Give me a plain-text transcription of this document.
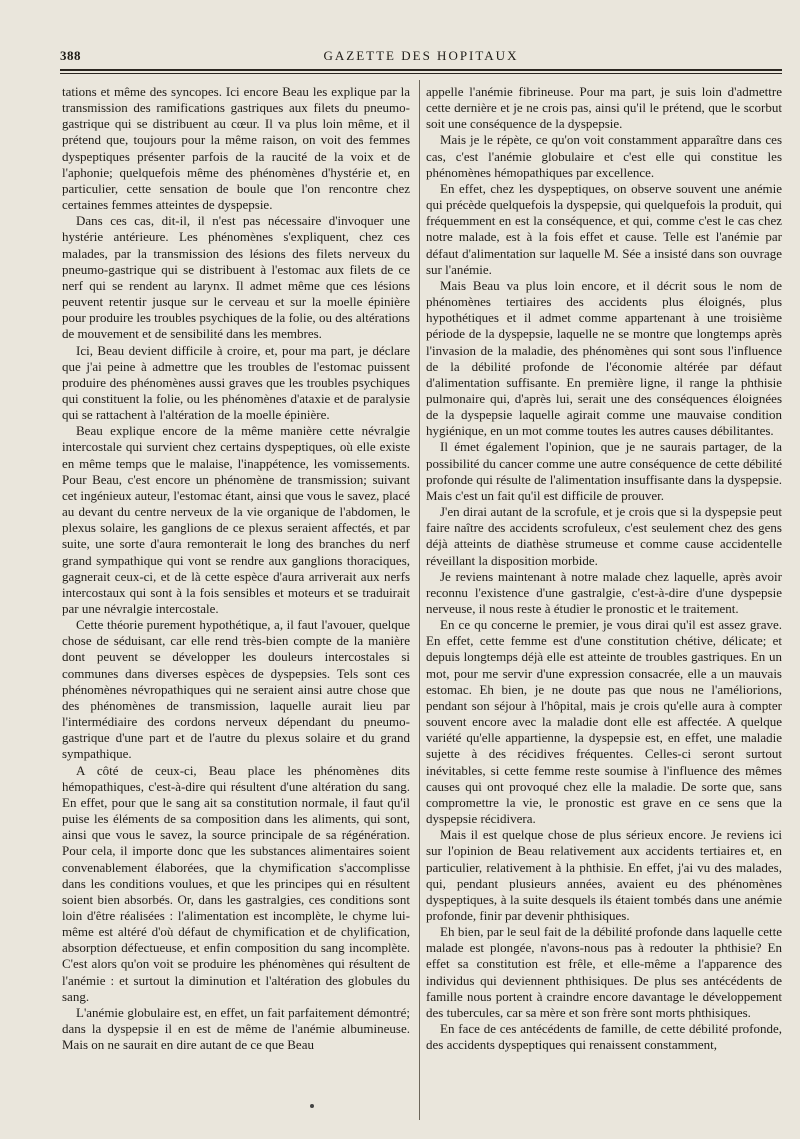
388	GAZETTE DES HOPITAUX

tations et même des syncopes. Ici encore Beau les explique par la transmission des ramifications gastriques aux filets du pneumo-gastrique qui se distribuent au cœur. Il va plus loin même, et il prétend que, toujours pour la même raison, on voit des femmes dyspeptiques présenter parfois de la raucité de la voix et de l'aphonie; quelquefois même des phénomènes d'hystérie et, en particulier, cette sensation de boule que l'on rencontre chez certaines femmes atteintes de dyspepsie.

Dans ces cas, dit-il, il n'est pas nécessaire d'invoquer une hystérie antérieure. Les phénomènes s'expliquent, chez ces malades, par la transmission des lésions des filets nerveux du pneumo-gastrique qui se distribuent à l'estomac aux filets de ce nerf qui se rendent au larynx. Il admet même que ces lésions peuvent retentir jusque sur le cerveau et sur la moelle épinière pour produire les troubles psychiques de la folie, ou des altérations de mouvement et de sensibilité dans les membres.

Ici, Beau devient difficile à croire, et, pour ma part, je déclare que j'ai peine à admettre que les troubles de l'estomac puissent produire des phénomènes aussi graves que les troubles psychiques qui constituent la folie, ou les phénomènes d'ataxie et de paralysie qui se rattachent à l'altération de la moelle épinière.

Beau explique encore de la même manière cette névralgie intercostale qui survient chez certains dyspeptiques, où elle existe en même temps que le malaise, l'inappétence, les vomissements. Pour Beau, c'est encore un phénomène de transmission; suivant cet ingénieux auteur, l'estomac étant, ainsi que vous le savez, placé au devant du centre nerveux de la vie organique de l'abdomen, le plexus solaire, les ganglions de ce plexus seraient affectés, et par suite, une sorte d'aura remonterait le long des branches du nerf grand sympathique qui vont se rendre aux ganglions thoraciques, gagnerait ceux-ci, et de là cette espèce d'aura arriverait aux nerfs intercostaux qui sont à la fois sensibles et moteurs et se traduirait par une névralgie intercostale.

Cette théorie purement hypothétique, a, il faut l'avouer, quelque chose de séduisant, car elle rend très-bien compte de la manière dont peuvent se développer les douleurs intercostales si communes dans diverses espèces de dyspepsies. Tels sont ces phénomènes névropathiques qui ne seraient ainsi autre chose que des phénomènes de transmission, laquelle aurait lieu par l'intermédiaire des cordons nerveux dépendant du pneumo-gastrique d'une part et de l'autre du plexus solaire et du grand sympathique.

A côté de ceux-ci, Beau place les phénomènes dits hémopathiques, c'est-à-dire qui résultent d'une altération du sang. En effet, pour que le sang ait sa constitution normale, il faut qu'il puise les éléments de sa composition dans les aliments, qui sont, ainsi que vous le savez, la source principale de sa régénération. Pour cela, il importe donc que les substances alimentaires soient convenablement élaborées, que la chymification s'accomplisse dans les conditions voulues, et que les principes qui en résultent soient bien absorbés. Or, dans les gastralgies, ces conditions sont loin d'être réalisées : l'alimentation est incomplète, le chyme lui-même est altéré d'où défaut de chymification et de chylification, absorption défectueuse, et enfin composition du sang incomplète. C'est alors qu'on voit se produire les phénomènes qui résultent de l'anémie : et surtout la diminution et l'altération des globules du sang.

L'anémie globulaire est, en effet, un fait parfaitement démontré; dans la dyspepsie il en est de même de l'anémie albumineuse. Mais on ne saurait en dire autant de ce que Beau

appelle l'anémie fibrineuse. Pour ma part, je suis loin d'admettre cette dernière et je ne crois pas, ainsi qu'il le prétend, que le scorbut soit une conséquence de la dyspepsie.

Mais je le répète, ce qu'on voit constamment apparaître dans ces cas, c'est l'anémie globulaire et c'est elle qui constitue les phénomènes hémopathiques par excellence.

En effet, chez les dyspeptiques, on observe souvent une anémie qui précède quelquefois la dyspepsie, qui quelquefois la produit, qui fréquemment en est la conséquence, et qui, comme c'est le cas chez notre malade, est à la fois effet et cause. Telle est l'anémie par défaut d'alimentation sur laquelle M. Sée a insisté dans son ouvrage sur l'anémie.

Mais Beau va plus loin encore, et il décrit sous le nom de phénomènes tertiaires des accidents plus éloignés, plus hypothétiques et il admet comme appartenant à une troisième période de la dyspepsie, laquelle ne se montre que longtemps après l'invasion de la maladie, des phénomènes qui sont sous l'influence de la débilité profonde de l'économie altérée par défaut d'alimentation suffisante. En première ligne, il range la phthisie pulmonaire qui, d'après lui, serait une des conséquences éloignées de la dyspepsie laquelle agirait comme une mauvaise condition hygiénique, en un mot comme toutes les autres causes débilitantes.

Il émet également l'opinion, que je ne saurais partager, de la possibilité du cancer comme une autre conséquence de cette débilité profonde qui résulte de l'alimentation insuffisante dans la dyspepsie. Mais c'est un fait qu'il est difficile de prouver.

J'en dirai autant de la scrofule, et je crois que si la dyspepsie peut faire naître des accidents scrofuleux, c'est seulement chez des gens déjà atteints de diathèse strumeuse et comme cause accidentelle réveillant la disposition morbide.

Je reviens maintenant à notre malade chez laquelle, après avoir reconnu l'existence d'une gastralgie, c'est-à-dire d'une dyspepsie nerveuse, il nous reste à étudier le pronostic et le traitement.

En ce qu concerne le premier, je vous dirai qu'il est assez grave. En effet, cette femme est d'une constitution chétive, délicate; et depuis longtemps déjà elle est atteinte de troubles gastriques. En un mot, pour me servir d'une expression consacrée, elle a un mauvais estomac. Eh bien, je ne doute pas que nous ne l'améliorions, pendant son séjour à l'hôpital, mais je crois qu'elle aura à compter souvent encore avec la maladie dont elle est affectée. A quelque variété qu'elle appartienne, la dyspepsie est, en effet, une maladie sujette à des récidives fréquentes. Celles-ci seront surtout inévitables, si cette femme reste soumise à l'influence des mêmes causes qui ont provoqué chez elle la maladie. De sorte que, sans compromettre la vie, le pronostic est grave en ce sens que la dyspepsie récidivera.

Mais il est quelque chose de plus sérieux encore. Je reviens ici sur l'opinion de Beau relativement aux accidents tertiaires et, en particulier, relativement à la phthisie. En effet, j'ai vu des malades, qui, pendant plusieurs années, avaient eu des phénomènes dyspeptiques, à la suite desquels ils étaient tombés dans une anémie profonde, finir par devenir phthisiques.

Eh bien, par le seul fait de la débilité profonde dans laquelle cette malade est plongée, n'avons-nous pas à redouter la phthisie? En effet sa constitution est frêle, et elle-même a l'apparence des individus qui deviennent phthisiques. De plus ses antécédents de famille nous portent à craindre encore davantage le développement des tubercules, car sa mère et son frère sont morts phthisiques.

En face de ces antécédents de famille, de cette débilité profonde, des accidents dyspeptiques qui renaissent constamment,
